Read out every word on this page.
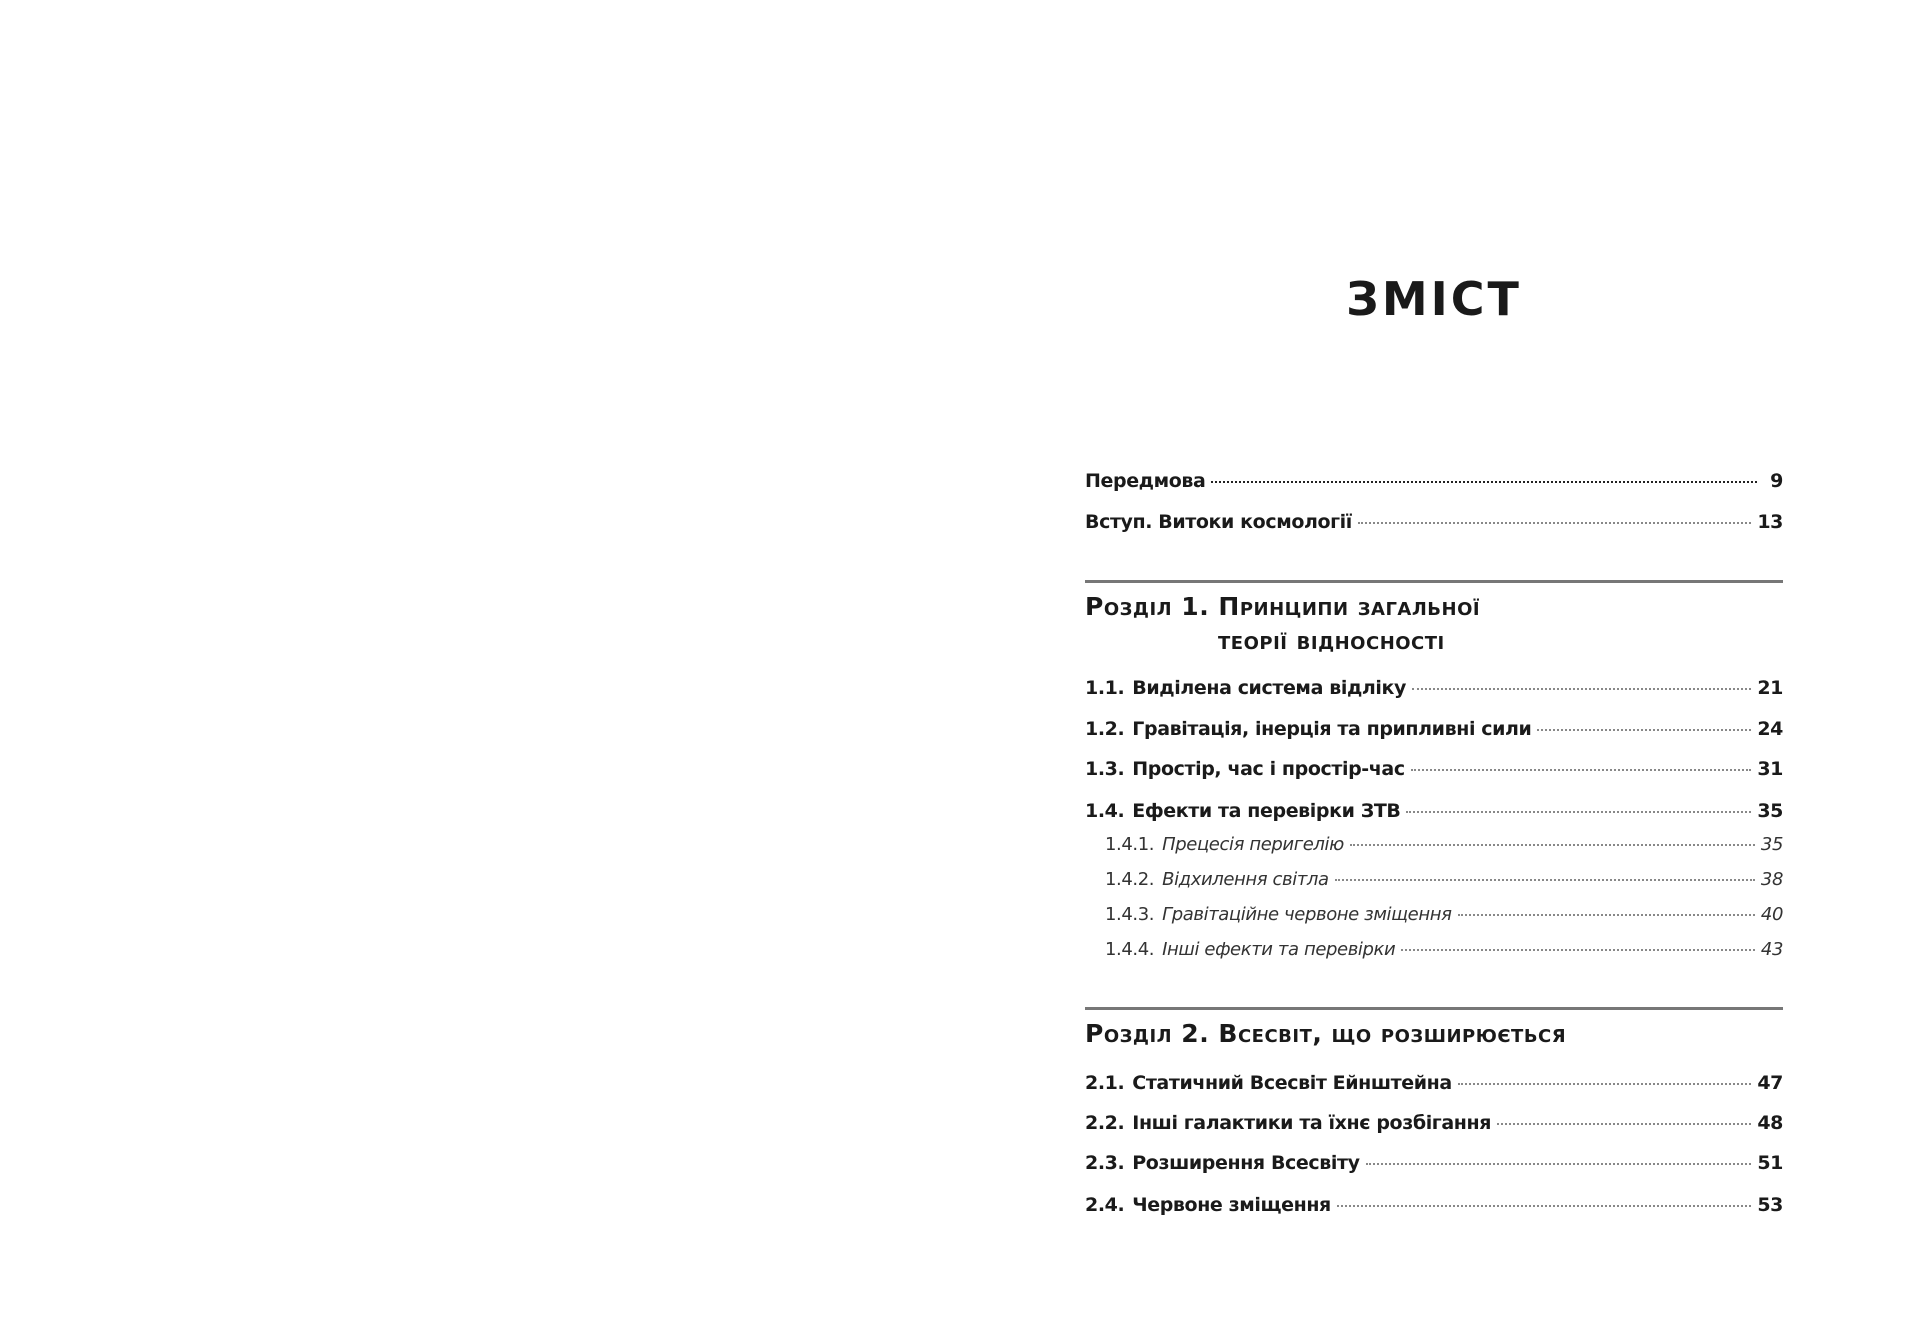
ЗМІСТ
Передмова	9
Вступ. Витоки космології	13
Розділ 1. Принципи загальної
теорії відносності
1.1. Виділена система відліку	21
1.2. Гравітація, інерція та припливні сили	24
1.3. Простір, час і простір-час	31
1.4. Ефекти та перевірки ЗТВ	35
1.4.1. Прецесія перигелію	35
1.4.2. Відхилення світла	38
1.4.3. Гравітаційне червоне зміщення	40
1.4.4. Інші ефекти та перевірки	43
Розділ 2. Всесвіт, що розширюється
2.1. Статичний Всесвіт Ейнштейна	47
2.2. Інші галактики та їхнє розбігання	48
2.3. Розширення Всесвіту	51
2.4. Червоне зміщення	53
